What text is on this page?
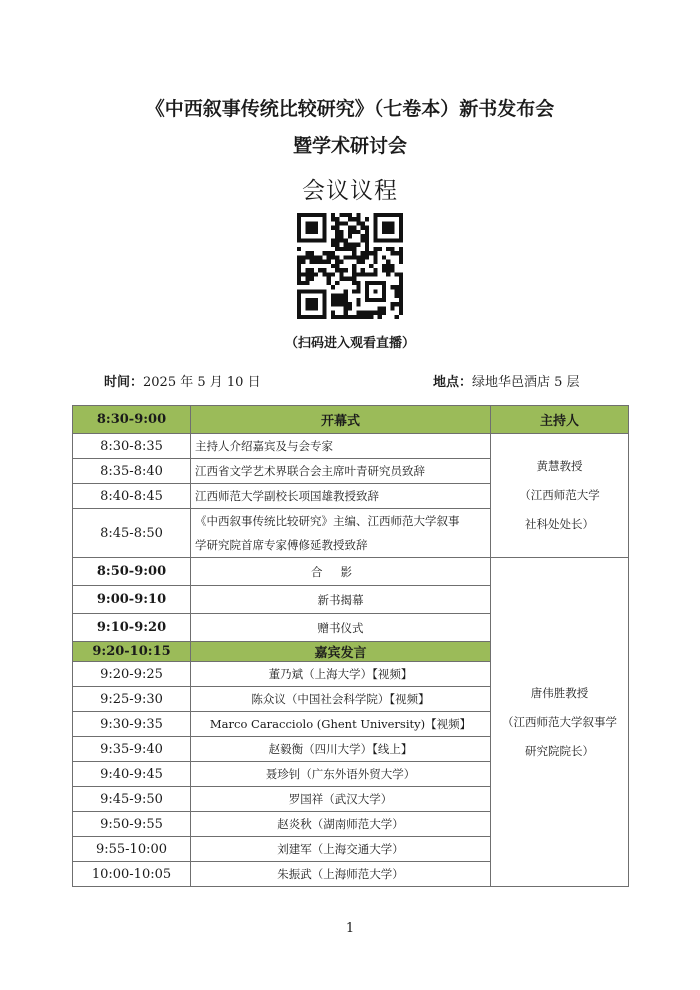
《中西叙事传统比较研究》（七卷本）新书发布会
暨学术研讨会
会议议程
（扫码进入观看直播）
时间：2025 年 5 月 10 日	地点：绿地华邑酒店 5 层
8:30-9:00	开幕式	主持人
8:30-8:35	主持人介绍嘉宾及与会专家	黄慧教授
（江西师范大学
社科处处长）

8:35-8:40	江西省文学艺术界联合会主席叶青研究员致辞	
8:40-8:45	江西师范大学副校长项国雄教授致辞	
8:45-8:50	《中西叙事传统比较研究》主编、江西师范大学叙事
学研究院首席专家傅修延教授致辞	

8:50-9:00	合影	唐伟胜教授
（江西师范大学叙事学
研究院院长）

9:00-9:10	新书揭幕	
9:10-9:20	赠书仪式	
9:20-10:15	嘉宾发言	
9:20-9:25	董乃斌（上海大学）【视频】	
9:25-9:30	陈众议（中国社会科学院）【视频】	
9:30-9:35	Marco Caracciolo (Ghent University)【视频】	
9:35-9:40	赵毅衡（四川大学）【线上】	
9:40-9:45	聂珍钊（广东外语外贸大学）	
9:45-9:50	罗国祥（武汉大学）	
9:50-9:55	赵炎秋（湖南师范大学）	
9:55-10:00	刘建军（上海交通大学）	
10:00-10:05	朱振武（上海师范大学）	
1
